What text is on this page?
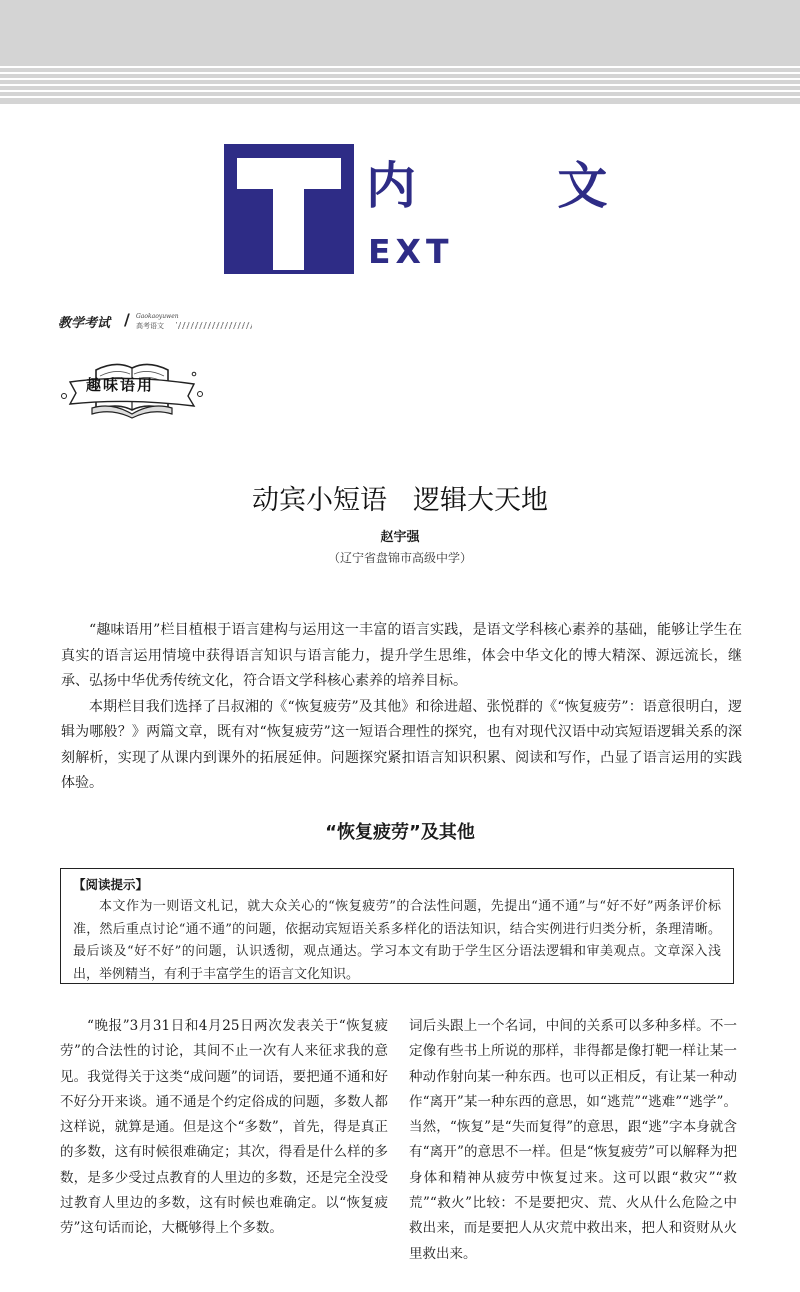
内 文
EXT
教学考试 / Gaokaoyuwen
高考语文
趣味语用
动宾小短语 逻辑大天地
赵宇强
（辽宁省盘锦市高级中学）

“趣味语用”栏目植根于语言建构与运用这一丰富的语言实践，是语文学科核心素养的基础，能够让学生在真实的语言运用情境中获得语言知识与语言能力，提升学生思维，体会中华文化的博大精深、源远流长，继承、弘扬中华优秀传统文化，符合语文学科核心素养的培养目标。

本期栏目我们选择了吕叔湘的《“恢复疲劳”及其他》和徐进超、张悦群的《“恢复疲劳”：语意很明白，逻辑为哪般？》两篇文章，既有对“恢复疲劳”这一短语合理性的探究，也有对现代汉语中动宾短语逻辑关系的深刻解析，实现了从课内到课外的拓展延伸。问题探究紧扣语言知识积累、阅读和写作，凸显了语言运用的实践体验。

“恢复疲劳”及其他
【阅读提示】
本文作为一则语文札记，就大众关心的“恢复疲劳”的合法性问题，先提出“通不通”与“好不好”两条评价标准，然后重点讨论“通不通”的问题，依据动宾短语关系多样化的语法知识，结合实例进行归类分析，条理清晰。最后谈及“好不好”的问题，认识透彻，观点通达。学习本文有助于学生区分语法逻辑和审美观点。文章深入浅出，举例精当，有利于丰富学生的语言文化知识。

“晚报”3月31日和4月25日两次发表关于“恢复疲劳”的合法性的讨论，其间不止一次有人来征求我的意见。我觉得关于这类“成问题”的词语，要把通不通和好不好分开来谈。通不通是个约定俗成的问题，多数人都这样说，就算是通。但是这个“多数”，首先，得是真正的多数，这有时候很难确定；其次，得看是什么样的多数，是多少受过点教育的人里边的多数，还是完全没受过教育人里边的多数，这有时候也难确定。以“恢复疲劳”这句话而论，大概够得上个多数。

词后头跟上一个名词，中间的关系可以多种多样。不一定像有些书上所说的那样，非得都是像打靶一样让某一种动作射向某一种东西。也可以正相反，有让某一种动作“离开”某一种东西的意思，如“逃荒”“逃难”“逃学”。当然，“恢复”是“失而复得”的意思，跟“逃”字本身就含有“离开”的意思不一样。但是“恢复疲劳”可以解释为把身体和精神从疲劳中恢复过来。这可以跟“救灾”“救荒”“救火”比较：不是要把灾、荒、火从什么危险之中救出来，而是要把人从灾荒中救出来，把人和资财从火里救出来。
